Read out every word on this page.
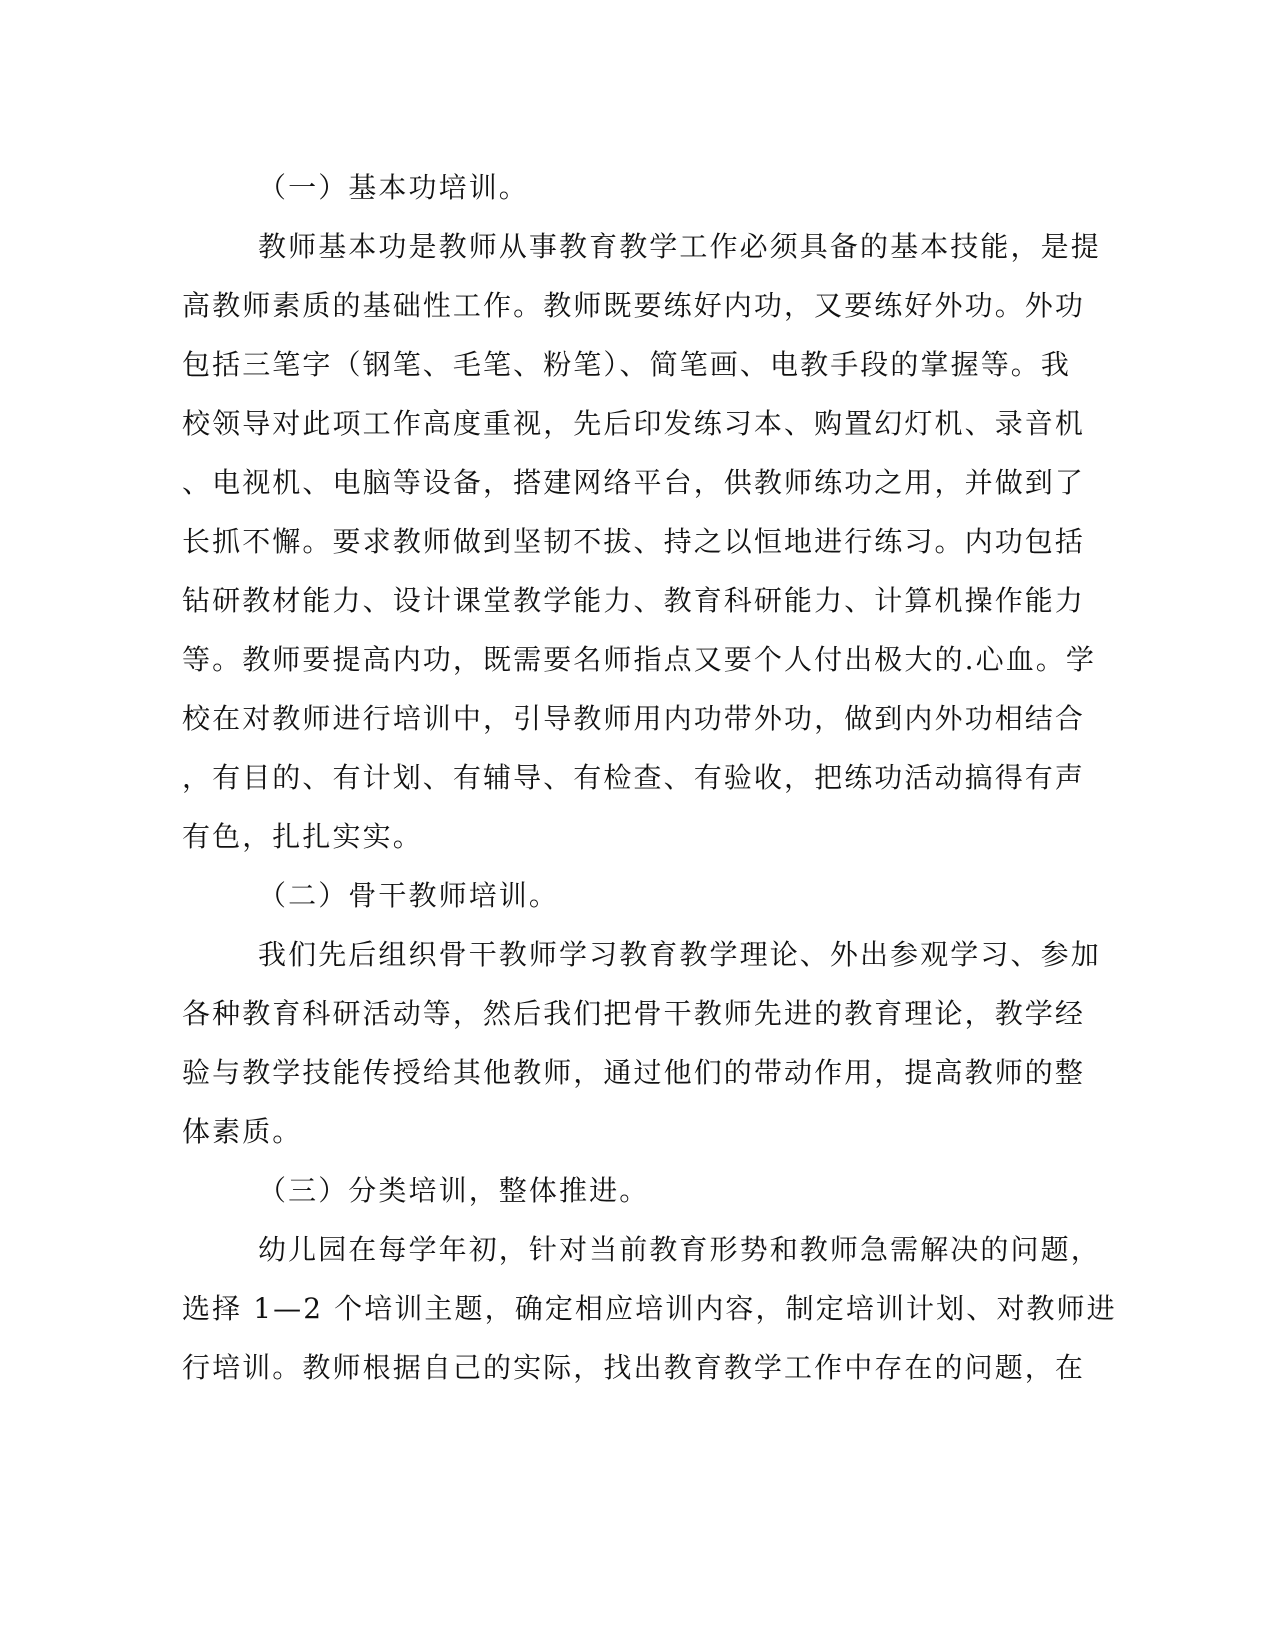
（一）基本功培训。
教师基本功是教师从事教育教学工作必须具备的基本技能，是提
高教师素质的基础性工作。教师既要练好内功，又要练好外功。外功
包括三笔字（钢笔、毛笔、粉笔）、简笔画、电教手段的掌握等。我
校领导对此项工作高度重视，先后印发练习本、购置幻灯机、录音机
、电视机、电脑等设备，搭建网络平台，供教师练功之用，并做到了
长抓不懈。要求教师做到坚韧不拔、持之以恒地进行练习。内功包括
钻研教材能力、设计课堂教学能力、教育科研能力、计算机操作能力
等。教师要提高内功，既需要名师指点又要个人付出极大的.心血。学
校在对教师进行培训中，引导教师用内功带外功，做到内外功相结合
，有目的、有计划、有辅导、有检查、有验收，把练功活动搞得有声
有色，扎扎实实。
（二）骨干教师培训。
我们先后组织骨干教师学习教育教学理论、外出参观学习、参加
各种教育科研活动等，然后我们把骨干教师先进的教育理论，教学经
验与教学技能传授给其他教师，通过他们的带动作用，提高教师的整
体素质。
（三）分类培训，整体推进。
幼儿园在每学年初，针对当前教育形势和教师急需解决的问题，
选择 1—2 个培训主题，确定相应培训内容，制定培训计划、对教师进
行培训。教师根据自己的实际，找出教育教学工作中存在的问题，在
